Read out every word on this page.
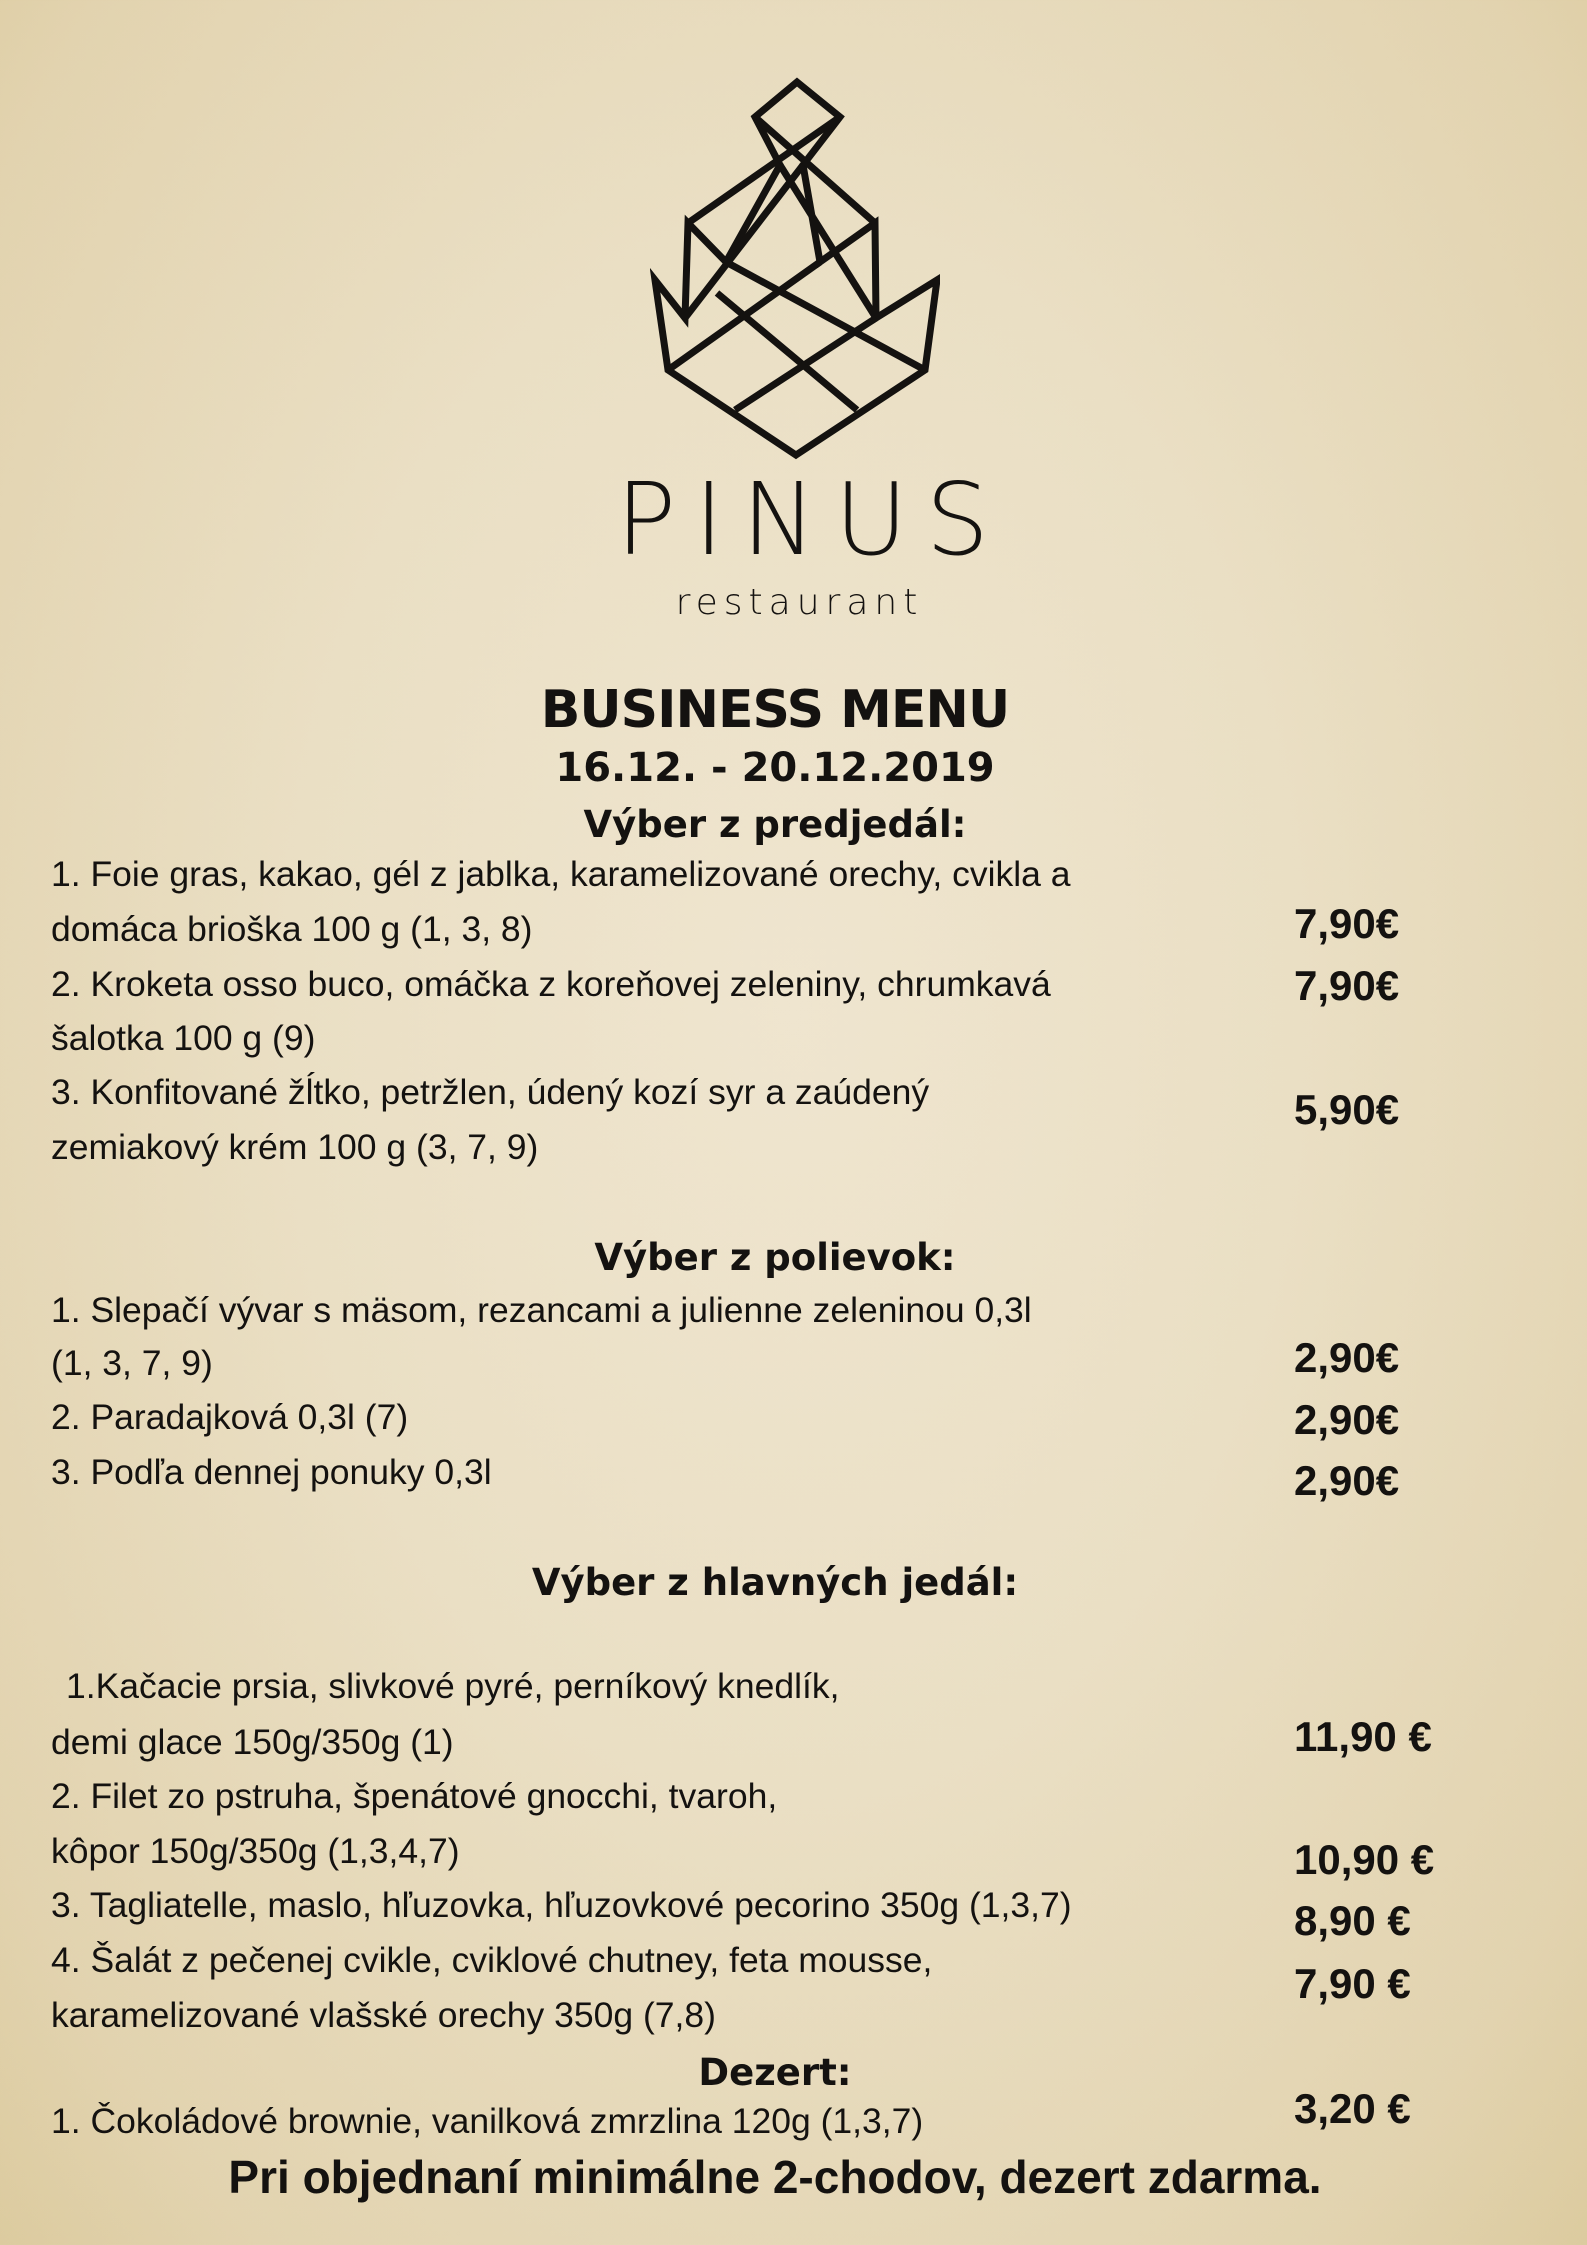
PINUS
restaurant
BUSINESS MENU
16.12. - 20.12.2019
Výber z predjedál:
1. Foie gras, kakao, gél z jablka, karamelizované orechy, cvikla a
domáca brioška 100 g (1, 3, 8)	7,90€
2. Kroketa osso buco, omáčka z koreňovej zeleniny, chrumkavá
šalotka 100 g (9)
7,90€
3. Konfitované žĺtko, petržlen, údený kozí syr a zaúdený
zemiakový krém 100 g (3, 7, 9)
5,90€
Výber z polievok:
1. Slepačí vývar s mäsom, rezancami a julienne zeleninou 0,3l
(1, 3, 7, 9)	2,90€
2. Paradajková 0,3l (7)	2,90€
3. Podľa dennej ponuky 0,3l	2,90€
Výber z hlavných jedál:
1.Kačacie prsia, slivkové pyré, perníkový knedlík,
demi glace 150g/350g (1)	11,90 €
2. Filet zo pstruha, špenátové gnocchi, tvaroh,
kôpor 150g/350g (1,3,4,7)	10,90 €
3. Tagliatelle, maslo, hľuzovka, hľuzovkové pecorino 350g (1,3,7)	8,90 €
4. Šalát z pečenej cvikle, cviklové chutney, feta mousse,
karamelizované vlašské orechy 350g (7,8)
7,90 €
Dezert:
1. Čokoládové brownie, vanilková zmrzlina 120g (1,3,7)	3,20 €
Pri objednaní minimálne 2-chodov, dezert zdarma.
